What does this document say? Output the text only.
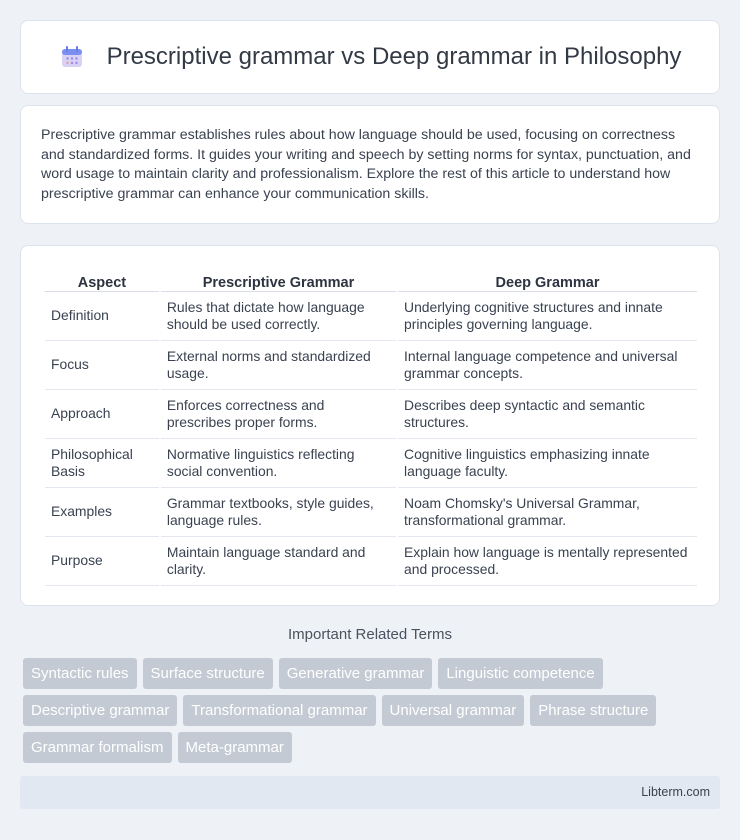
Prescriptive grammar vs Deep grammar in Philosophy

Prescriptive grammar establishes rules about how language should be used, focusing on correctness and standardized forms. It guides your writing and speech by setting norms for syntax, punctuation, and word usage to maintain clarity and professionalism. Explore the rest of this article to understand how prescriptive grammar can enhance your communication skills.

Aspect	Prescriptive Grammar	Deep Grammar
Definition	Rules that dictate how language should be used correctly.	Underlying cognitive structures and innate principles governing language.
Focus	External norms and standardized usage.	Internal language competence and universal grammar concepts.
Approach	Enforces correctness and prescribes proper forms.	Describes deep syntactic and semantic structures.
Philosophical Basis	Normative linguistics reflecting social convention.	Cognitive linguistics emphasizing innate language faculty.
Examples	Grammar textbooks, style guides, language rules.	Noam Chomsky's Universal Grammar, transformational grammar.
Purpose	Maintain language standard and clarity.	Explain how language is mentally represented and processed.
Important Related Terms
Syntactic rules	Surface structure	Generative grammar	Linguistic competence
Descriptive grammar	Transformational grammar	Universal grammar	Phrase structure
Grammar formalism	Meta-grammar
Libterm.com
